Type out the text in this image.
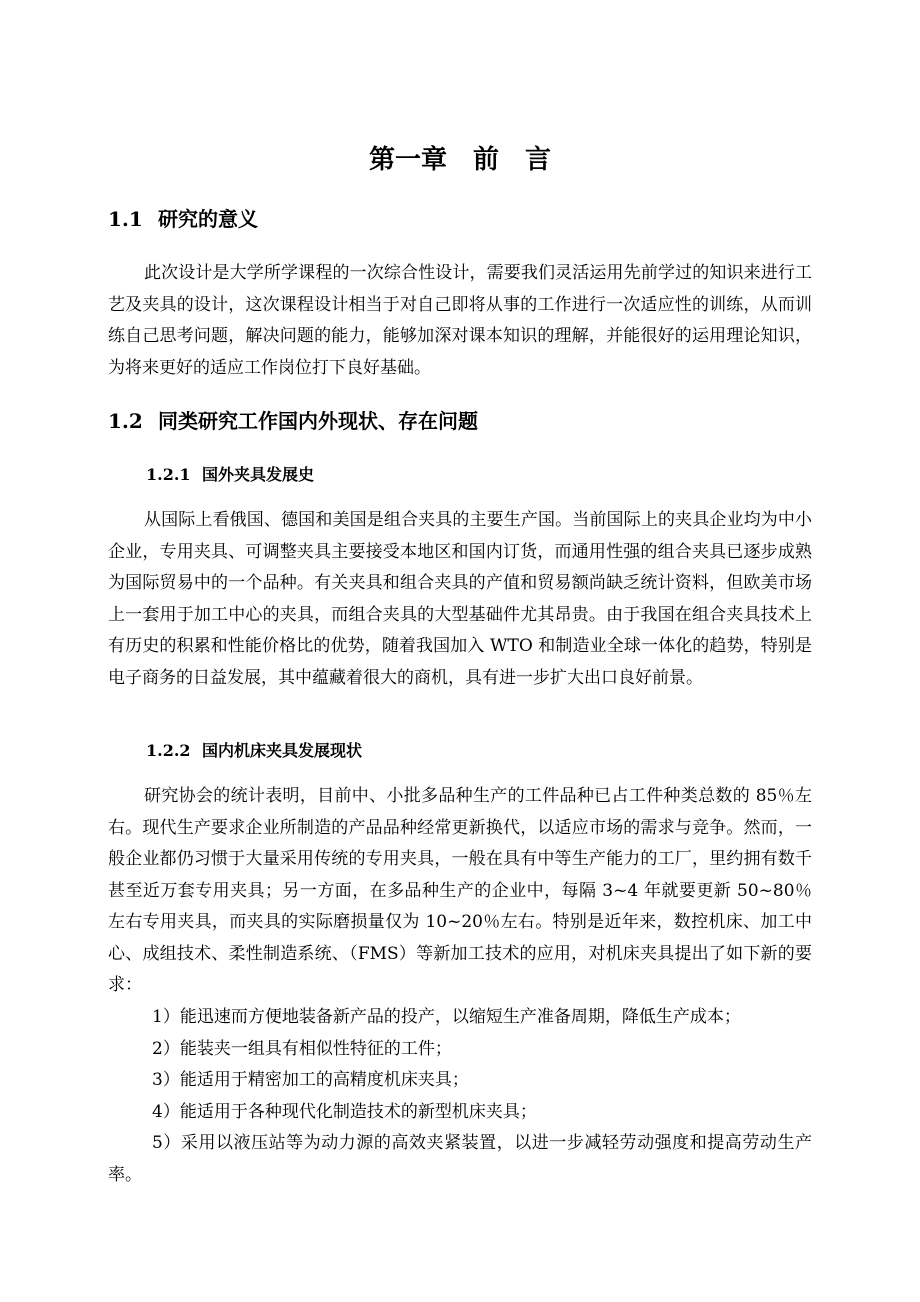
第一章 前　言
1.1 研究的意义

此次设计是大学所学课程的一次综合性设计，需要我们灵活运用先前学过的知识来进行工艺及夹具的设计，这次课程设计相当于对自己即将从事的工作进行一次适应性的训练，从而训练自己思考问题，解决问题的能力，能够加深对课本知识的理解，并能很好的运用理论知识，为将来更好的适应工作岗位打下良好基础。

1.2 同类研究工作国内外现状、存在问题
1.2.1 国外夹具发展史

从国际上看俄国、德国和美国是组合夹具的主要生产国。当前国际上的夹具企业均为中小企业，专用夹具、可调整夹具主要接受本地区和国内订货，而通用性强的组合夹具已逐步成熟为国际贸易中的一个品种。有关夹具和组合夹具的产值和贸易额尚缺乏统计资料，但欧美市场上一套用于加工中心的夹具，而组合夹具的大型基础件尤其昂贵。由于我国在组合夹具技术上有历史的积累和性能价格比的优势，随着我国加入 WTO 和制造业全球一体化的趋势，特别是电子商务的日益发展，其中蕴藏着很大的商机，具有进一步扩大出口良好前景。

1.2.2 国内机床夹具发展现状

研究协会的统计表明，目前中、小批多品种生产的工件品种已占工件种类总数的 85％左右。现代生产要求企业所制造的产品品种经常更新换代，以适应市场的需求与竞争。然而，一般企业都仍习惯于大量采用传统的专用夹具，一般在具有中等生产能力的工厂，里约拥有数千甚至近万套专用夹具；另一方面，在多品种生产的企业中，每隔 3~4 年就要更新 50~80％左右专用夹具，而夹具的实际磨损量仅为 10~20％左右。特别是近年来，数控机床、加工中心、成组技术、柔性制造系统、（FMS）等新加工技术的应用，对机床夹具提出了如下新的要求：

1）能迅速而方便地装备新产品的投产，以缩短生产准备周期，降低生产成本；
2）能装夹一组具有相似性特征的工件；
3）能适用于精密加工的高精度机床夹具；
4）能适用于各种现代化制造技术的新型机床夹具；
5）采用以液压站等为动力源的高效夹紧装置，以进一步减轻劳动强度和提高劳动生产率。
